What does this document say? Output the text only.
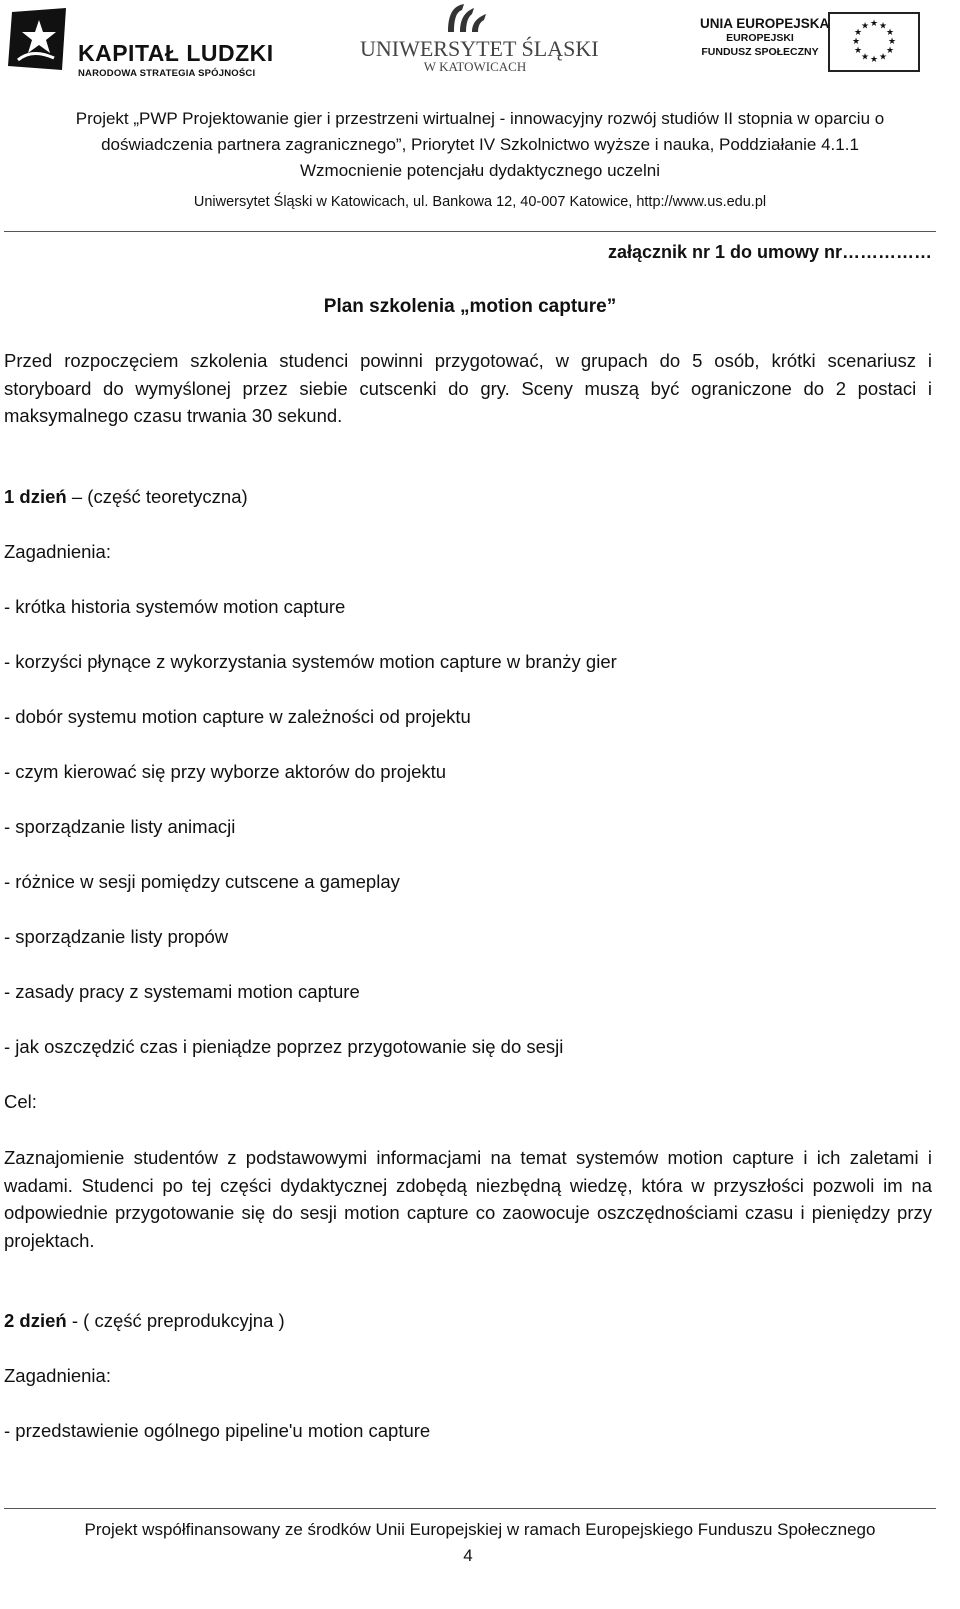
KAPITAŁ LUDZKI
NARODOWA STRATEGIA SPÓJNOŚCI
UNIWERSYTET ŚLĄSKI
W KATOWICACH
UNIA EUROPEJSKA
EUROPEJSKI
FUNDUSZ SPOŁECZNY
★ ★
★
★
★
★
★
★
★
★
★
★
Projekt „PWP Projektowanie gier i przestrzeni wirtualnej - innowacyjny rozwój studiów II stopnia w oparciu o
doświadczenia partnera zagranicznego”, Priorytet IV Szkolnictwo wyższe i nauka, Poddziałanie 4.1.1
Wzmocnienie potencjału dydaktycznego uczelni
Uniwersytet Śląski w Katowicach, ul. Bankowa 12, 40-007 Katowice, http://www.us.edu.pl
załącznik nr 1 do umowy nr……………
Plan szkolenia „motion capture”
Przed rozpoczęciem szkolenia studenci powinni przygotować, w grupach do 5 osób, krótki scenariusz i storyboard do wymyślonej przez siebie cutscenki do gry. Sceny muszą być ograniczone do 2 postaci i maksymalnego czasu trwania 30 sekund.
1 dzień – (część teoretyczna)
Zagadnienia:
- krótka historia systemów motion capture
- korzyści płynące z wykorzystania systemów motion capture w branży gier
- dobór systemu motion capture w zależności od projektu
- czym kierować się przy wyborze aktorów do projektu
- sporządzanie listy animacji
- różnice w sesji pomiędzy cutscene a gameplay
- sporządzanie listy propów
- zasady pracy z systemami motion capture
- jak oszczędzić czas i pieniądze poprzez przygotowanie się do sesji
Cel:
Zaznajomienie studentów z podstawowymi informacjami na temat systemów motion capture i ich zaletami i wadami. Studenci po tej części dydaktycznej zdobędą niezbędną wiedzę, która w przyszłości pozwoli im na odpowiednie przygotowanie się do sesji motion capture co zaowocuje oszczędnościami czasu i pieniędzy przy projektach.
2 dzień - ( część preprodukcyjna )
Zagadnienia:
- przedstawienie ogólnego pipeline'u motion capture
Projekt współfinansowany ze środków Unii Europejskiej w ramach Europejskiego Funduszu Społecznego
4
